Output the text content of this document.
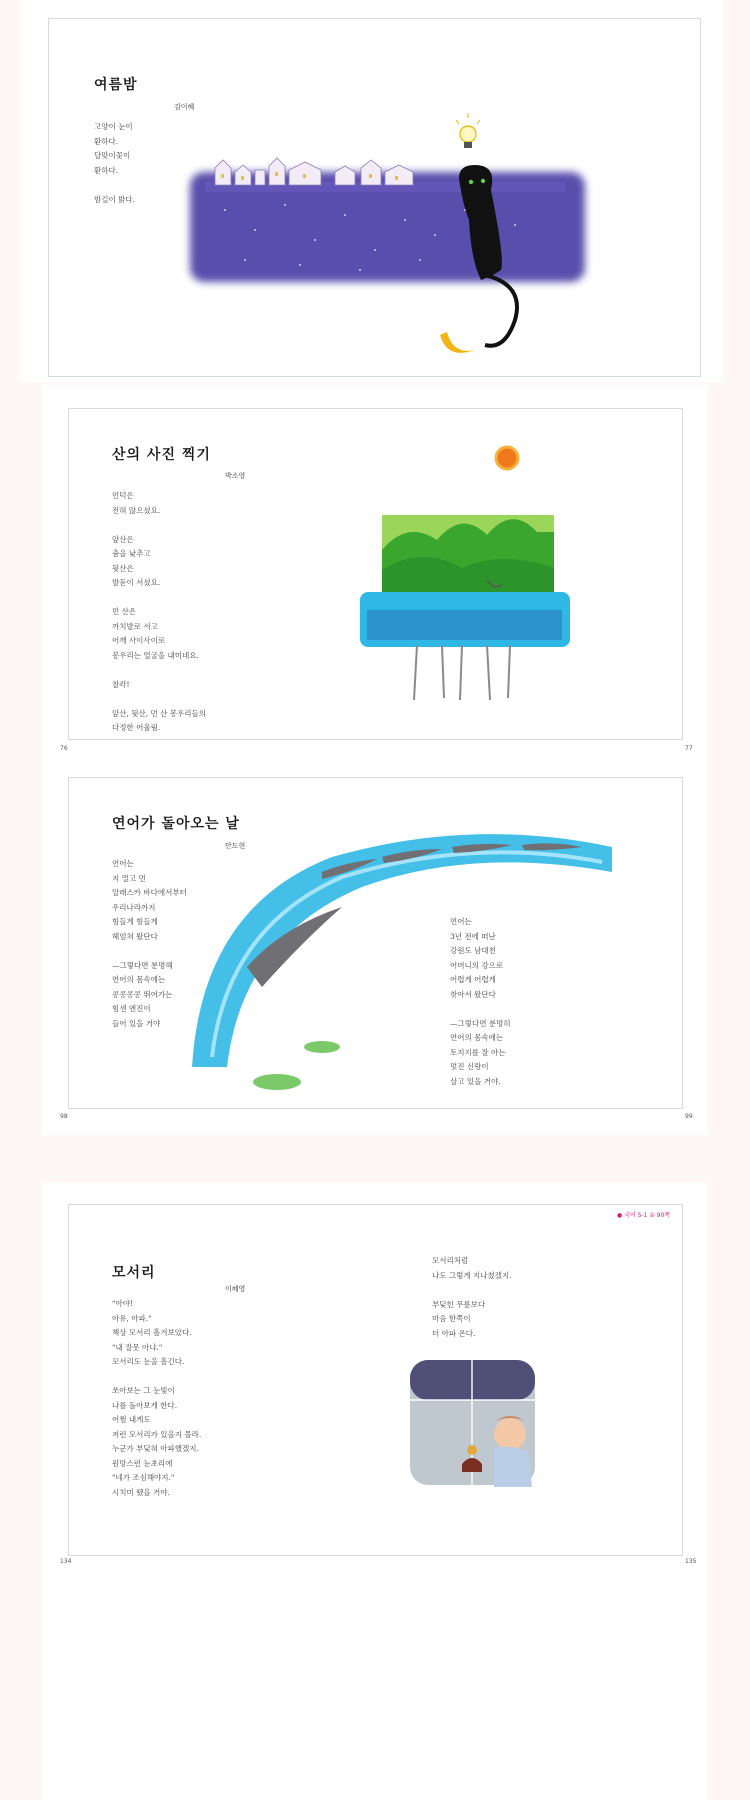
여름밤
김이혜

고양이 눈이
환하다.
달맞이꽃이
환하다.

밤길이 밝다.

산의 사진 찍기
박소영

언덕은
전혀 않으셨요.

앞산은
춤을 낮추고
뒷산은
발돋이 서셨요.

먼 산은
까치발로 서고
어깨 사이사이로
봉우리는 얼굴을 내미네요.

찰칵!

앞산, 뒷산, 먼 산 봉우리들의
다정한 어울림.

76	77
연어가 돌아오는 날
안도현

연어는
지 멀고 먼
알래스카 바다에서부터
우리나라까지
힘들게 힘들게
헤엄쳐 왔단다

—그렇다면 분명해
연어의 몸속에는
콩콩콩콩 뛰어가는
힘센 엔진이
들어 있을 거야

연어는
3년 전에 떠난
강원도 남대천
어머니의 강으로
어렵게 어렵게
찾아서 왔단다

—그렇다면 분명히
연어의 몸속에는
토지지를 잘 아는
멋진 신랑이
살고 있을 거야.

98	99
● 국어 5-1 ② 90쪽
모서리
이혜영

"아야!
아유, 아파."
책상 모서리 흘겨보았다.
"내 잘못 아냐."
모서리도 눈을 흘긴다.

쏘아보는 그 눈빛이
나를 돌아보게 한다.
어쩜 내게도
저런 모서리가 있을지 몰라.
누군가 부딪혀 아파했겠지.
원망스런 눈초리에
"네가 조심해야지."
시치미 뗐을 거야.

모서리처럼
나도 그렇게 지나쳤겠지.

부딪힌 무릎보다
마음 한쪽이
더 아파 온다.

134	135
